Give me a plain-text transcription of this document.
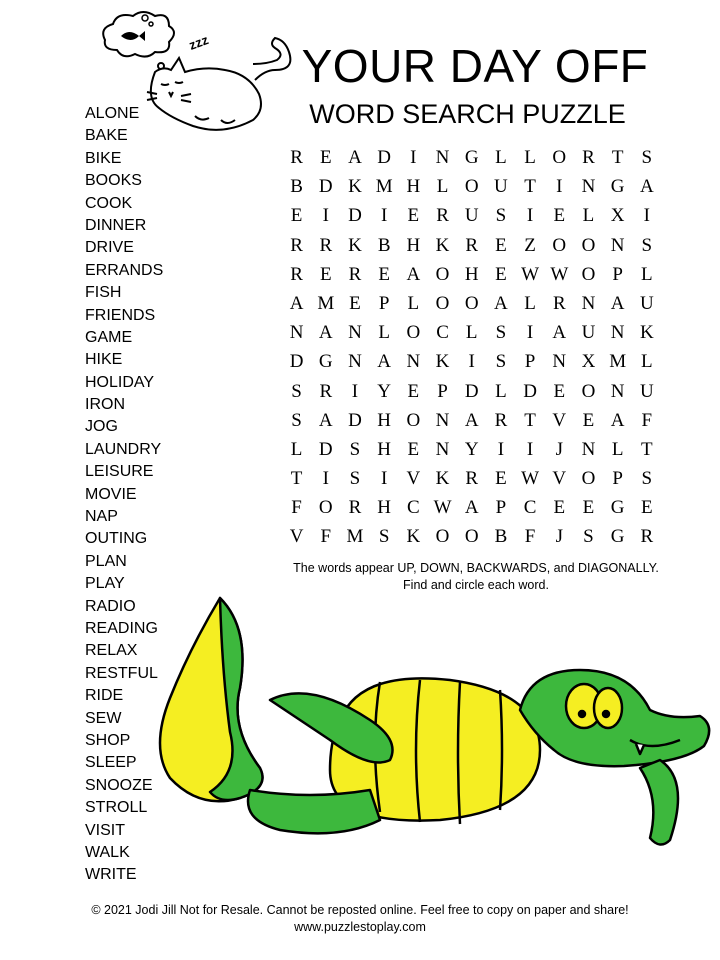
zzz YOUR DAY OFF
WORD SEARCH PUZZLE
ALONE
BAKE
BIKE
BOOKS
COOK
DINNER
DRIVE
ERRANDS
FISH
FRIENDS
GAME
HIKE
HOLIDAY
IRON
JOG
LAUNDRY
LEISURE
MOVIE
NAP
OUTING
PLAN
PLAY
RADIO
READING
RELAX
RESTFUL
RIDE
SEW
SHOP
SLEEP
SNOOZE
STROLL
VISIT
WALK
WRITE
R E A D	I	N G L L O R T S
B D K M H L O U T	I	N G A
E	I	D	I	E R U S	I	E L X	I
R R K B H K R E Z O O N S
R E R E A O H E W W O P L
A M E P L O O A L R N A U
N A N L O C L S	I	A U N K
D G N A N K	I	S P N X M L
S R	I	Y E P D L D E O N U
S A D H O N A R T V E A F
L D S H E N Y	I	I	J N L T
T	I	S	I	V K R E W V O P S
F O R H C W A P C E E G E
V F M S K O O B F	J	S G R
The words appear UP, DOWN, BACKWARDS, and DIAGONALLY.
Find and circle each word.
© 2021 Jodi Jill Not for Resale. Cannot be reposted online. Feel free to copy on paper and share!
www.puzzlestoplay.com
